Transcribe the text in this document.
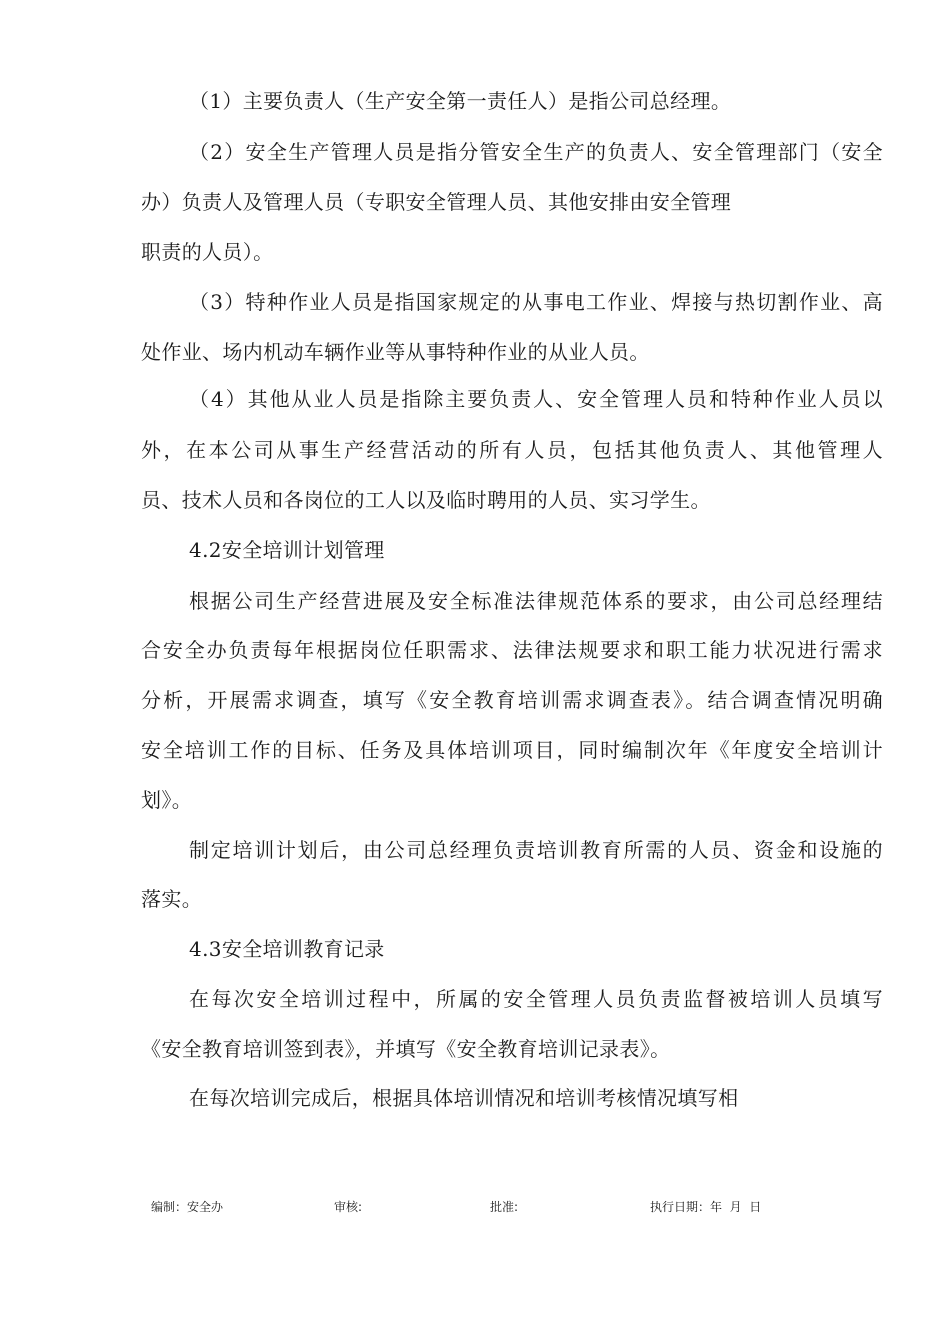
（1）主要负责人（生产安全第一责任人）是指公司总经理。
（2）安全生产管理人员是指分管安全生产的负责人、安全管理部门（安全
办）负责人及管理人员（专职安全管理人员、其他安排由安全管理
职责的人员）。
（3）特种作业人员是指国家规定的从事电工作业、焊接与热切割作业、高
处作业、场内机动车辆作业等从事特种作业的从业人员。
（4）其他从业人员是指除主要负责人、安全管理人员和特种作业人员以
外，在本公司从事生产经营活动的所有人员，包括其他负责人、其他管理人
员、技术人员和各岗位的工人以及临时聘用的人员、实习学生。
4.2安全培训计划管理
根据公司生产经营进展及安全标准法律规范体系的要求，由公司总经理结
合安全办负责每年根据岗位任职需求、法律法规要求和职工能力状况进行需求
分析，开展需求调查，填写《安全教育培训需求调查表》。结合调查情况明确
安全培训工作的目标、任务及具体培训项目，同时编制次年《年度安全培训计
划》。
制定培训计划后，由公司总经理负责培训教育所需的人员、资金和设施的
落实。
4.3安全培训教育记录
在每次安全培训过程中，所属的安全管理人员负责监督被培训人员填写
《安全教育培训签到表》，并填写《安全教育培训记录表》。
在每次培训完成后，根据具体培训情况和培训考核情况填写相
编制：安全办	审核:	批准:	执行日期：年  月  日
